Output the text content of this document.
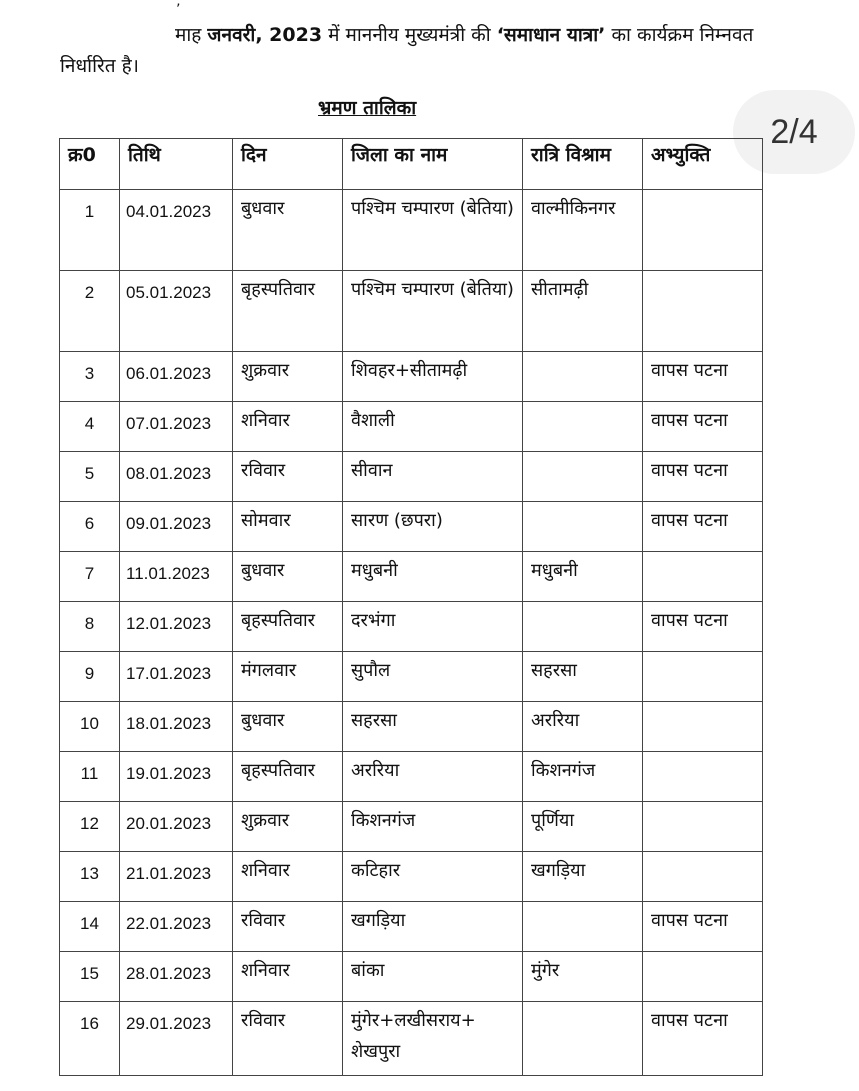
’

माह जनवरी, 2023 में माननीय मुख्यमंत्री की ‘समाधान यात्रा’ का कार्यक्रम निम्नवत निर्धारित है।

भ्रमण तालिका
2/4
क्र0	तिथि	दिन	जिला का नाम	रात्रि विश्राम	अभ्युक्ति
1	04.01.2023	बुधवार	पश्चिम चम्पारण (बेतिया)	वाल्मीकिनगर	
2	05.01.2023	बृहस्पतिवार	पश्चिम चम्पारण (बेतिया)	सीतामढ़ी	
3	06.01.2023	शुक्रवार	शिवहर+सीतामढ़ी		वापस पटना
4	07.01.2023	शनिवार	वैशाली		वापस पटना
5	08.01.2023	रविवार	सीवान		वापस पटना
6	09.01.2023	सोमवार	सारण (छपरा)		वापस पटना
7	11.01.2023	बुधवार	मधुबनी	मधुबनी	
8	12.01.2023	बृहस्पतिवार	दरभंगा		वापस पटना
9	17.01.2023	मंगलवार	सुपौल	सहरसा	
10	18.01.2023	बुधवार	सहरसा	अररिया	
11	19.01.2023	बृहस्पतिवार	अररिया	किशनगंज	
12	20.01.2023	शुक्रवार	किशनगंज	पूर्णिया	
13	21.01.2023	शनिवार	कटिहार	खगड़िया	
14	22.01.2023	रविवार	खगड़िया		वापस पटना
15	28.01.2023	शनिवार	बांका	मुंगेर	
16	29.01.2023	रविवार	मुंगेर+लखीसराय+ शेखपुरा		वापस पटना
